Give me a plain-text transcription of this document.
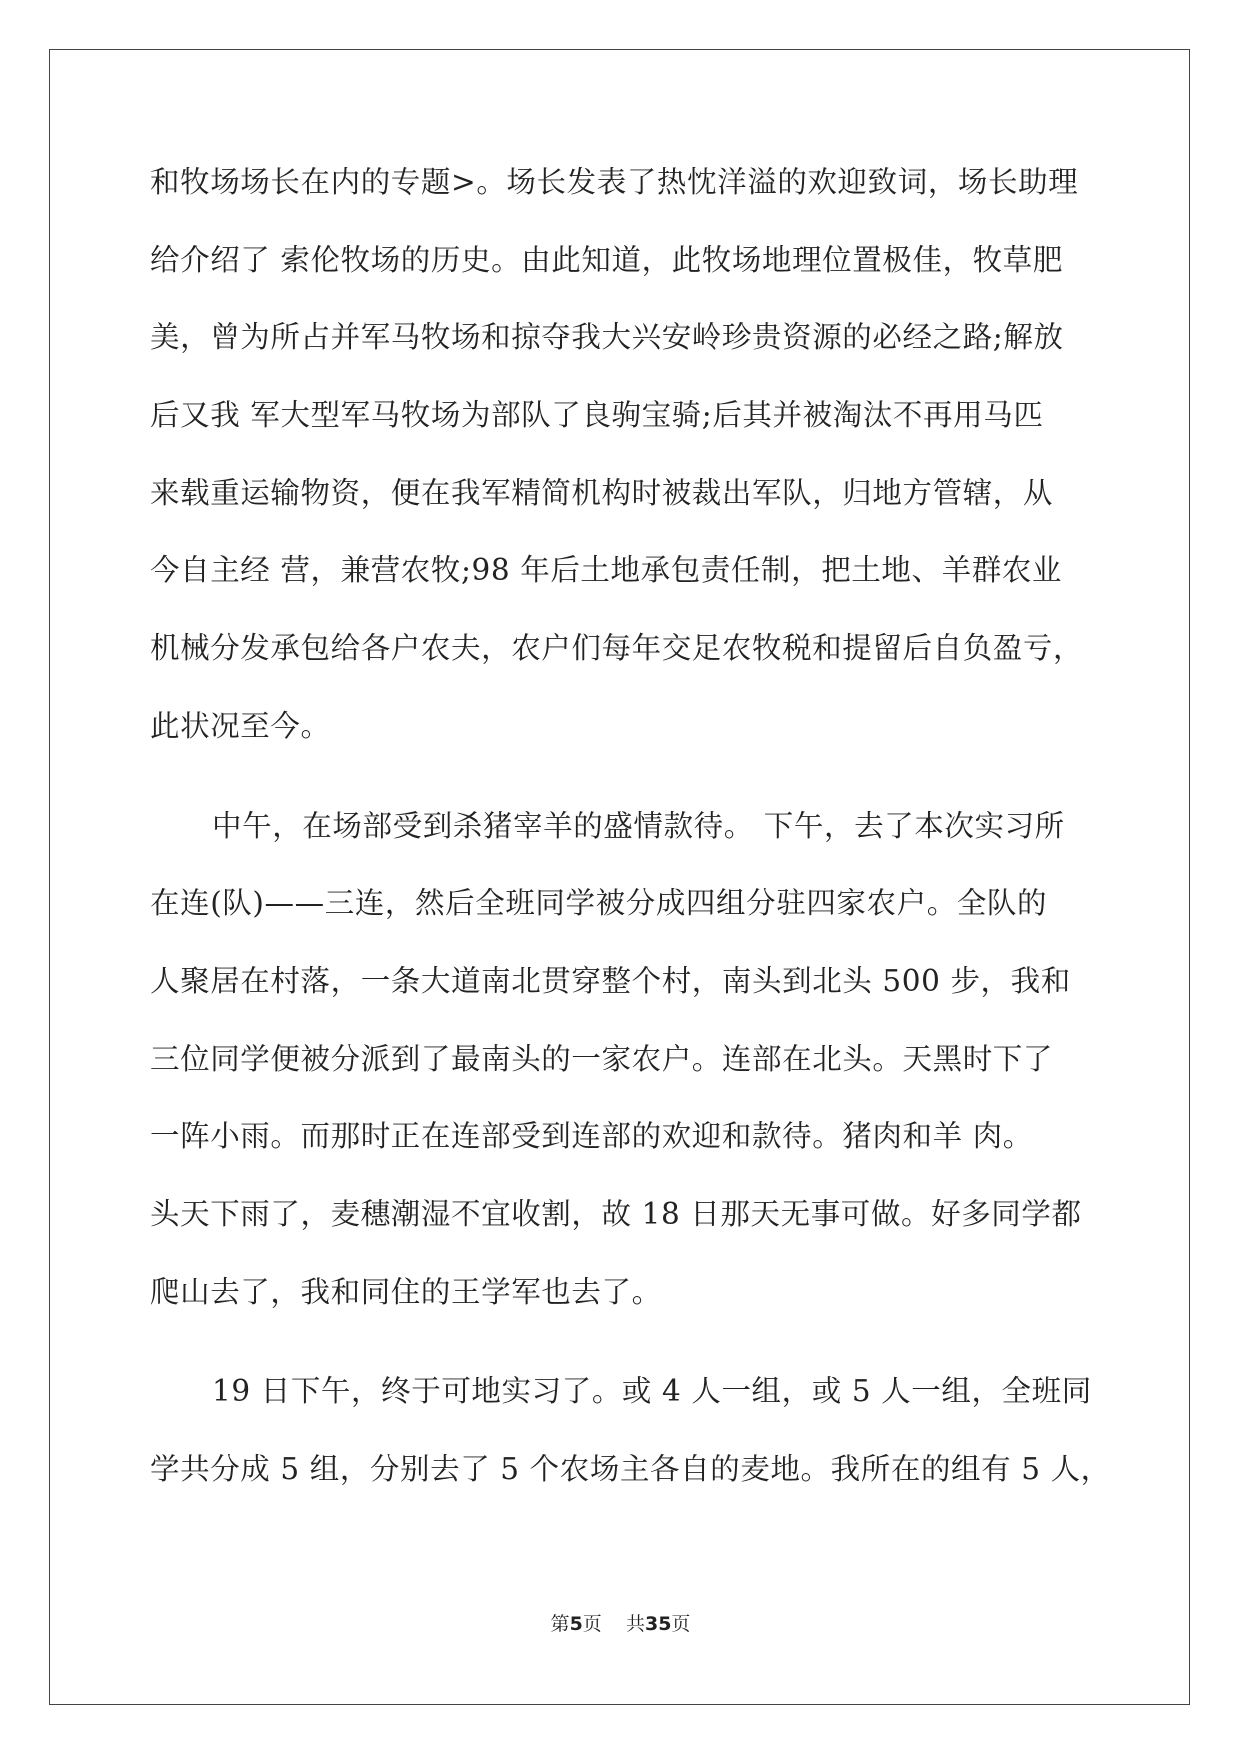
和牧场场长在内的专题>。场长发表了热忱洋溢的欢迎致词，场长助理
给介绍了 索伦牧场的历史。由此知道，此牧场地理位置极佳，牧草肥
美，曾为所占并军马牧场和掠夺我大兴安岭珍贵资源的必经之路;解放
后又我 军大型军马牧场为部队了良驹宝骑;后其并被淘汰不再用马匹
来载重运输物资，便在我军精简机构时被裁出军队，归地方管辖，从
今自主经 营，兼营农牧;98 年后土地承包责任制，把土地、羊群农业
机械分发承包给各户农夫，农户们每年交足农牧税和提留后自负盈亏，
此状况至今。
中午，在场部受到杀猪宰羊的盛情款待。 下午，去了本次实习所
在连(队)——三连，然后全班同学被分成四组分驻四家农户。全队的
人聚居在村落，一条大道南北贯穿整个村，南头到北头 500 步，我和
三位同学便被分派到了最南头的一家农户。连部在北头。天黑时下了
一阵小雨。而那时正在连部受到连部的欢迎和款待。猪肉和羊 肉。
头天下雨了，麦穗潮湿不宜收割，故 18 日那天无事可做。好多同学都
爬山去了，我和同住的王学军也去了。
19 日下午，终于可地实习了。或 4 人一组，或 5 人一组，全班同
学共分成 5 组，分别去了 5 个农场主各自的麦地。我所在的组有 5 人，
第5页    共35页
